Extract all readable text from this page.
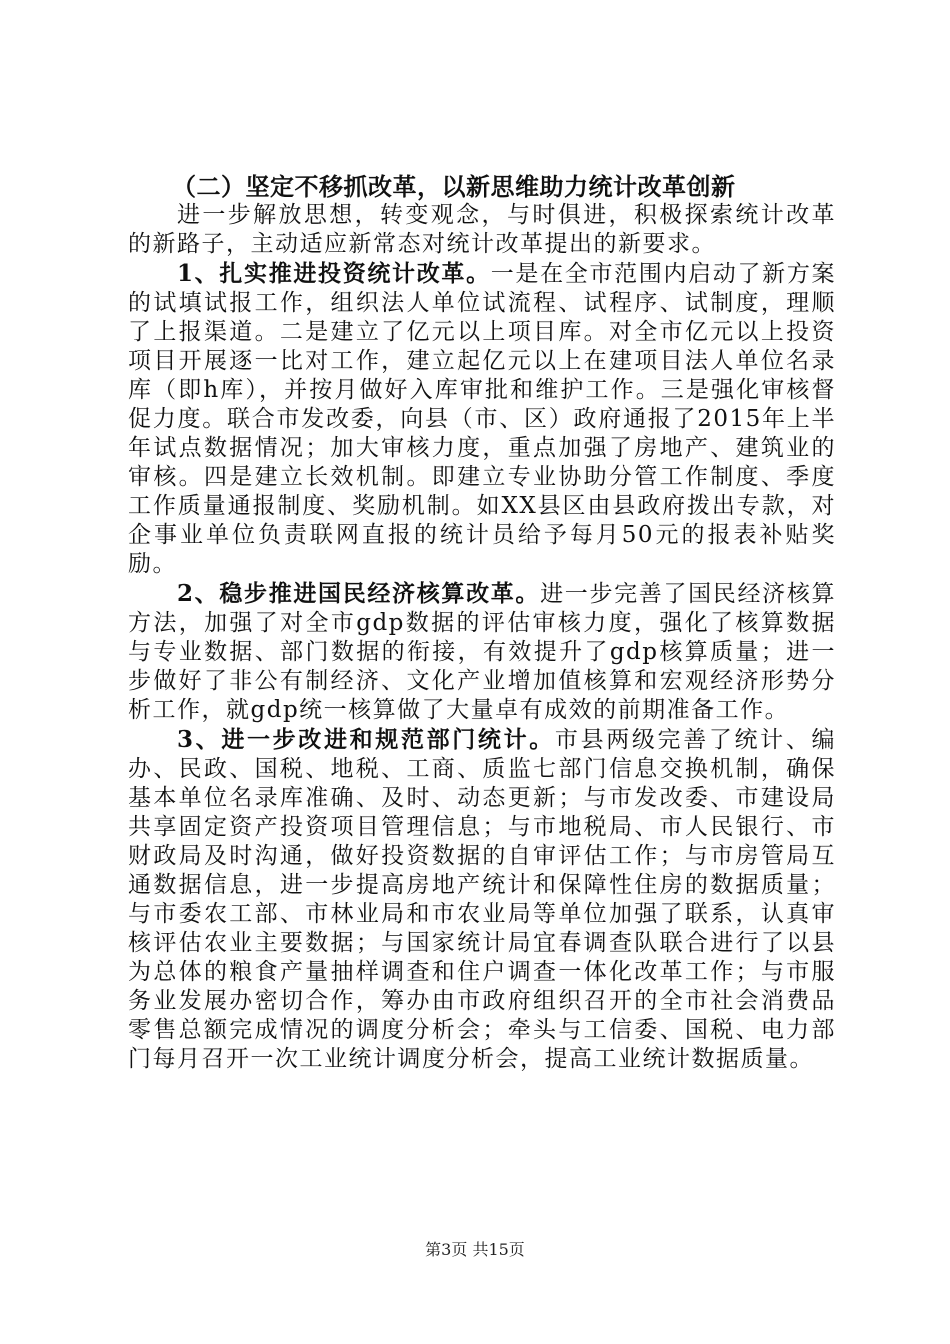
（二）坚定不移抓改革，以新思维助力统计改革创新

进一步解放思想，转变观念，与时俱进，积极探索统计改革的新路子，主动适应新常态对统计改革提出的新要求。

1、扎实推进投资统计改革。一是在全市范围内启动了新方案的试填试报工作，组织法人单位试流程、试程序、试制度，理顺了上报渠道。二是建立了亿元以上项目库。对全市亿元以上投资项目开展逐一比对工作，建立起亿元以上在建项目法人单位名录库（即h库），并按月做好入库审批和维护工作。三是强化审核督促力度。联合市发改委，向县（市、区）政府通报了2015年上半年试点数据情况；加大审核力度，重点加强了房地产、建筑业的审核。四是建立长效机制。即建立专业协助分管工作制度、季度工作质量通报制度、奖励机制。如XX县区由县政府拨出专款，对企事业单位负责联网直报的统计员给予每月50元的报表补贴奖励。

2、稳步推进国民经济核算改革。进一步完善了国民经济核算方法，加强了对全市gdp数据的评估审核力度，强化了核算数据与专业数据、部门数据的衔接，有效提升了gdp核算质量；进一步做好了非公有制经济、文化产业增加值核算和宏观经济形势分析工作，就gdp统一核算做了大量卓有成效的前期准备工作。

3、进一步改进和规范部门统计。市县两级完善了统计、编办、民政、国税、地税、工商、质监七部门信息交换机制，确保基本单位名录库准确、及时、动态更新；与市发改委、市建设局共享固定资产投资项目管理信息；与市地税局、市人民银行、市财政局及时沟通，做好投资数据的自审评估工作；与市房管局互通数据信息，进一步提高房地产统计和保障性住房的数据质量；与市委农工部、市林业局和市农业局等单位加强了联系，认真审核评估农业主要数据；与国家统计局宜春调查队联合进行了以县为总体的粮食产量抽样调查和住户调查一体化改革工作；与市服务业发展办密切合作，筹办由市政府组织召开的全市社会消费品零售总额完成情况的调度分析会；牵头与工信委、国税、电力部门每月召开一次工业统计调度分析会，提高工业统计数据质量。

第3页 共15页
